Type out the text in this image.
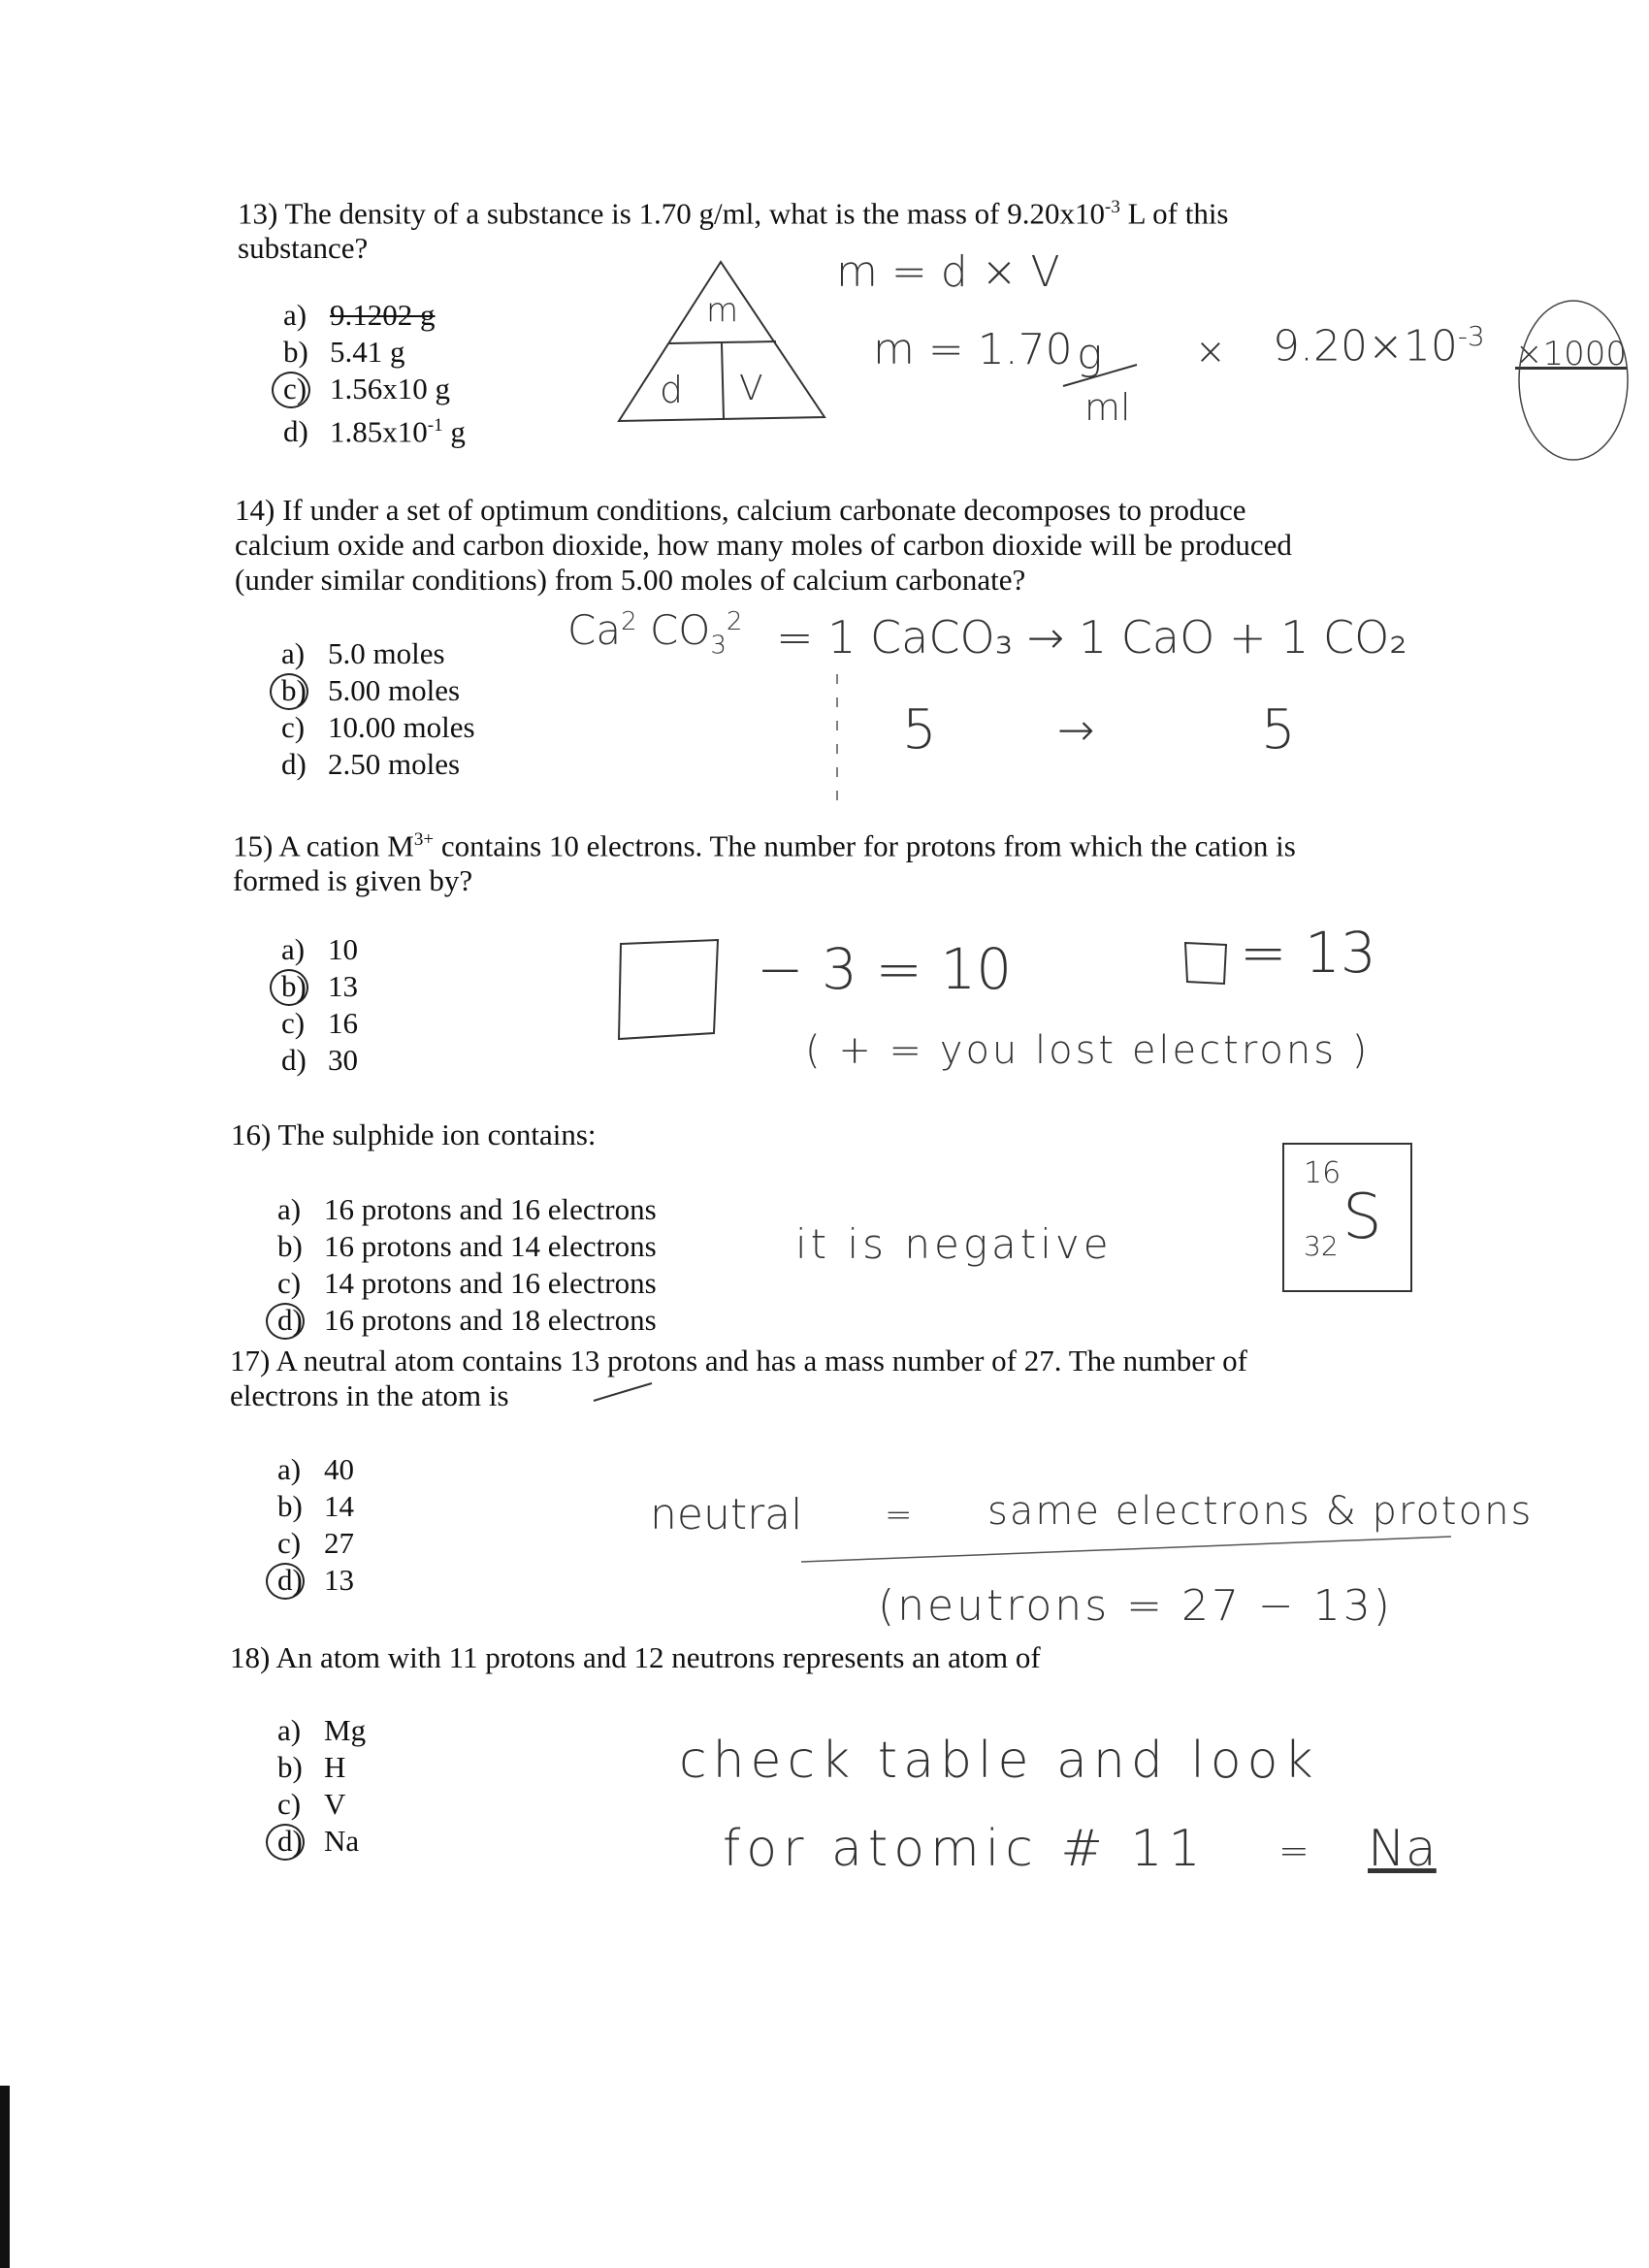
13) The density of a substance is 1.70 g/ml, what is the mass of $9.20x10^{-3}$ L of this

substance?

a) 9.1202 g
b) 5.41 g
c) 1.56x10 g
d) $1.85x10^{-1}$ g
m
d V
m = d × V
m = 1.70 g
ml
× $9.20\times 10^{-3} \times 1000$

14) If under a set of optimum conditions, calcium carbonate decomposes to produce

calcium oxide and carbon dioxide, how many moles of carbon dioxide will be produced

(under similar conditions) from 5.00 moles of calcium carbonate?

a) 5.0 moles
b) 5.00 moles
c) 10.00 moles
d) 2.50 moles
Ca$^2$ $CO_3^2 = 1$ CaCO₃ → 1 CaO + 1 CO₂
5	→	5

15) A cation $M^{3+}$ contains 10 electrons. The number for protons from which the cation is

formed is given by?

a) 10
b) 13
c) 16
d) 30
− 3 = 10	= 13
( + = you lost electrons )

16) The sulphide ion contains:

a) 16 protons and 16 electrons
b) 16 protons and 14 electrons
c) 14 protons and 16 electrons
d) 16 protons and 18 electrons
it is negative
16
S
32

17) A neutral atom contains 13 protons and has a mass number of 27. The number of

electrons in the atom is

a) 40
b) 14
c) 27
d) 13
neutral = same electrons & protons
(neutrons = 27 − 13)

18) An atom with 11 protons and 12 neutrons represents an atom of

a) Mg
b) H
c) V
d) Na
check table and look
for atomic # 11 = Na
